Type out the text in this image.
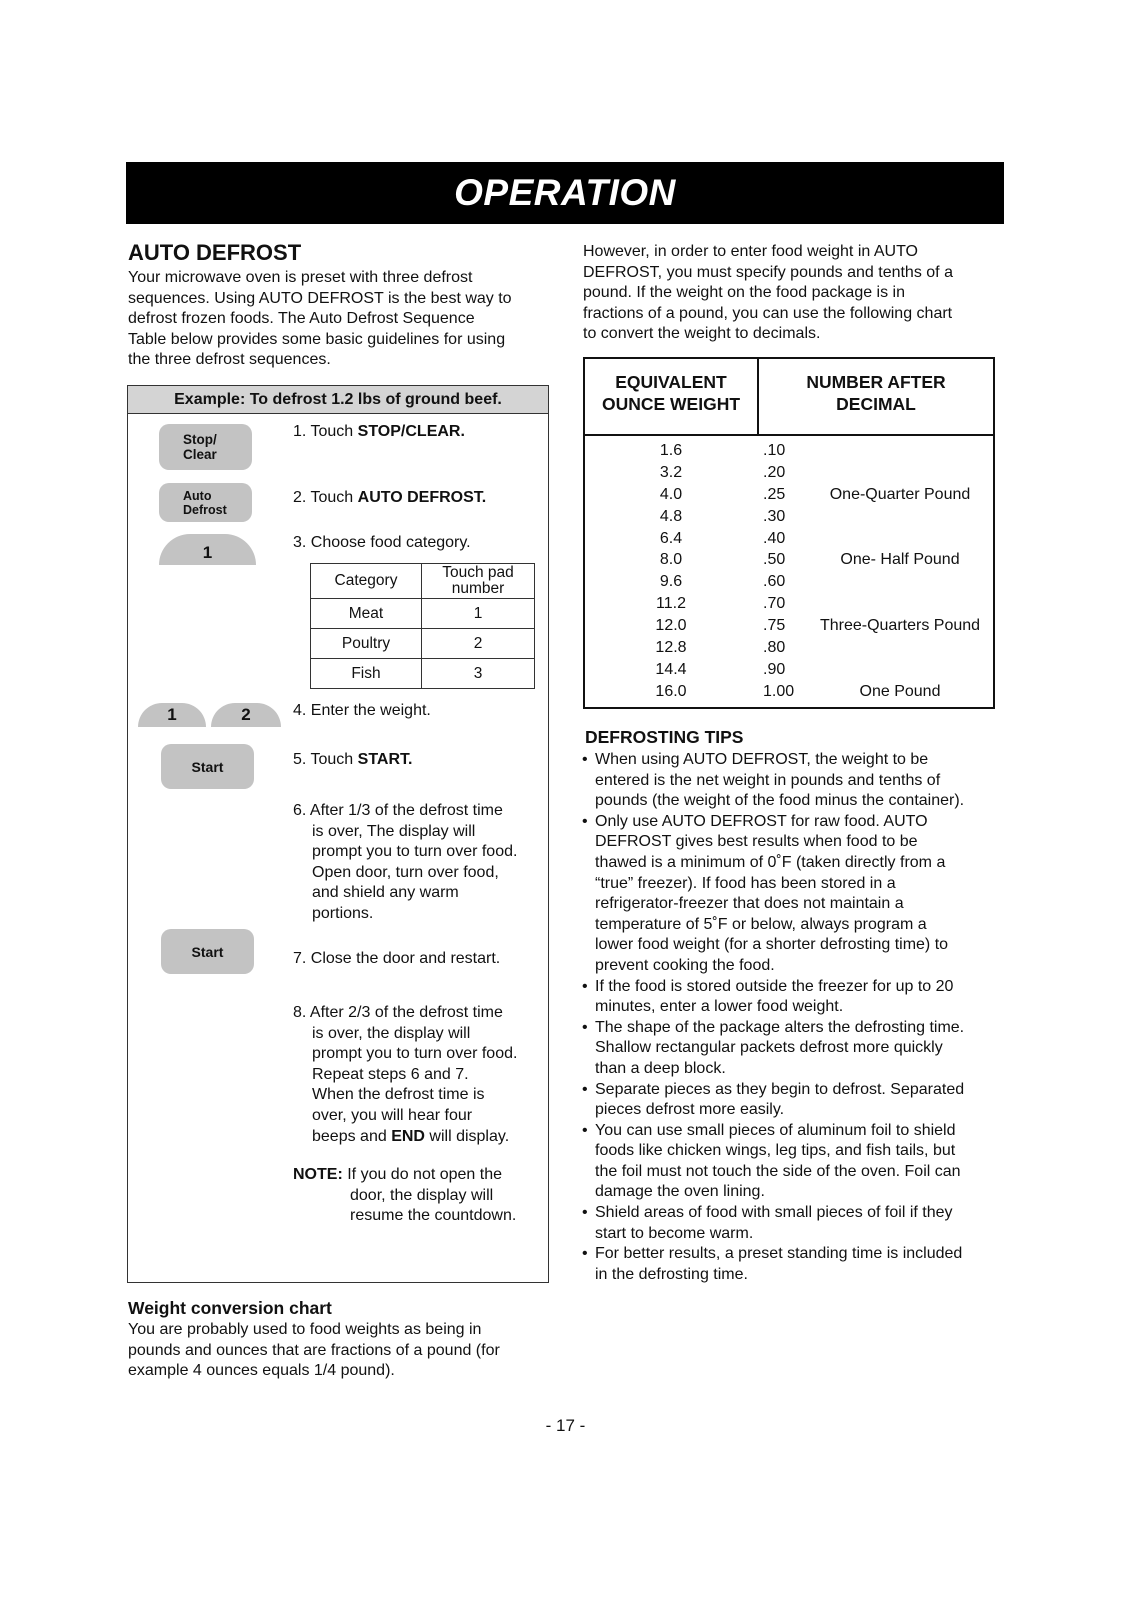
OPERATION
AUTO DEFROST

Your microwave oven is preset with three defrost
sequences. Using AUTO DEFROST is the best way to
defrost frozen foods. The Auto Defrost Sequence
Table below provides some basic guidelines for using
the three defrost sequences.

Example: To defrost 1.2 lbs of ground beef.
Stop/
Clear
Auto
Defrost
1
1	2
Start
Start

1. Touch STOP/CLEAR.

2. Touch AUTO DEFROST.

3. Choose food category.

Category	Touch pad
number
Meat	1
Poultry	2
Fish	3

4. Enter the weight.

5. Touch START.

6. After 1/3 of the defrost time
is over, The display will
prompt you to turn over food.
Open door, turn over food,
and shield any warm
portions.

7. Close the door and restart.

8. After 2/3 of the defrost time
is over, the display will
prompt you to turn over food.
Repeat steps 6 and 7.
When the defrost time is
over, you will hear four
beeps and END will display.

NOTE: If you do not open the
door, the display will
resume the countdown.

Weight conversion chart

You are probably used to food weights as being in
pounds and ounces that are fractions of a pound (for
example 4 ounces equals 1/4 pound).

However, in order to enter food weight in AUTO
DEFROST, you must specify pounds and tenths of a
pound. If the weight on the food package is in
fractions of a pound, you can use the following chart
to convert the weight to decimals.

EQUIVALENT
OUNCE WEIGHT
NUMBER AFTER
DECIMAL
1.6	.10
3.2	.20
4.0	.25	One-Quarter Pound
4.8	.30
6.4	.40
8.0	.50	One- Half Pound
9.6	.60
11.2	.70
12.0	.75	Three-Quarters Pound
12.8	.80
14.4	.90
16.0	1.00	One Pound
DEFROSTING TIPS
• When using AUTO DEFROST, the weight to be
entered is the net weight in pounds and tenths of
pounds (the weight of the food minus the container).
• Only use AUTO DEFROST for raw food. AUTO
DEFROST gives best results when food to be
thawed is a minimum of 0˚F (taken directly from a
“true” freezer). If food has been stored in a
refrigerator-freezer that does not maintain a
temperature of 5˚F or below, always program a
lower food weight (for a shorter defrosting time) to
prevent cooking the food.
• If the food is stored outside the freezer for up to 20
minutes, enter a lower food weight.
• The shape of the package alters the defrosting time.
Shallow rectangular packets defrost more quickly
than a deep block.
• Separate pieces as they begin to defrost. Separated
pieces defrost more easily.
• You can use small pieces of aluminum foil to shield
foods like chicken wings, leg tips, and fish tails, but
the foil must not touch the side of the oven. Foil can
damage the oven lining.
• Shield areas of food with small pieces of foil if they
start to become warm.
• For better results, a preset standing time is included
in the defrosting time.
- 17 -
